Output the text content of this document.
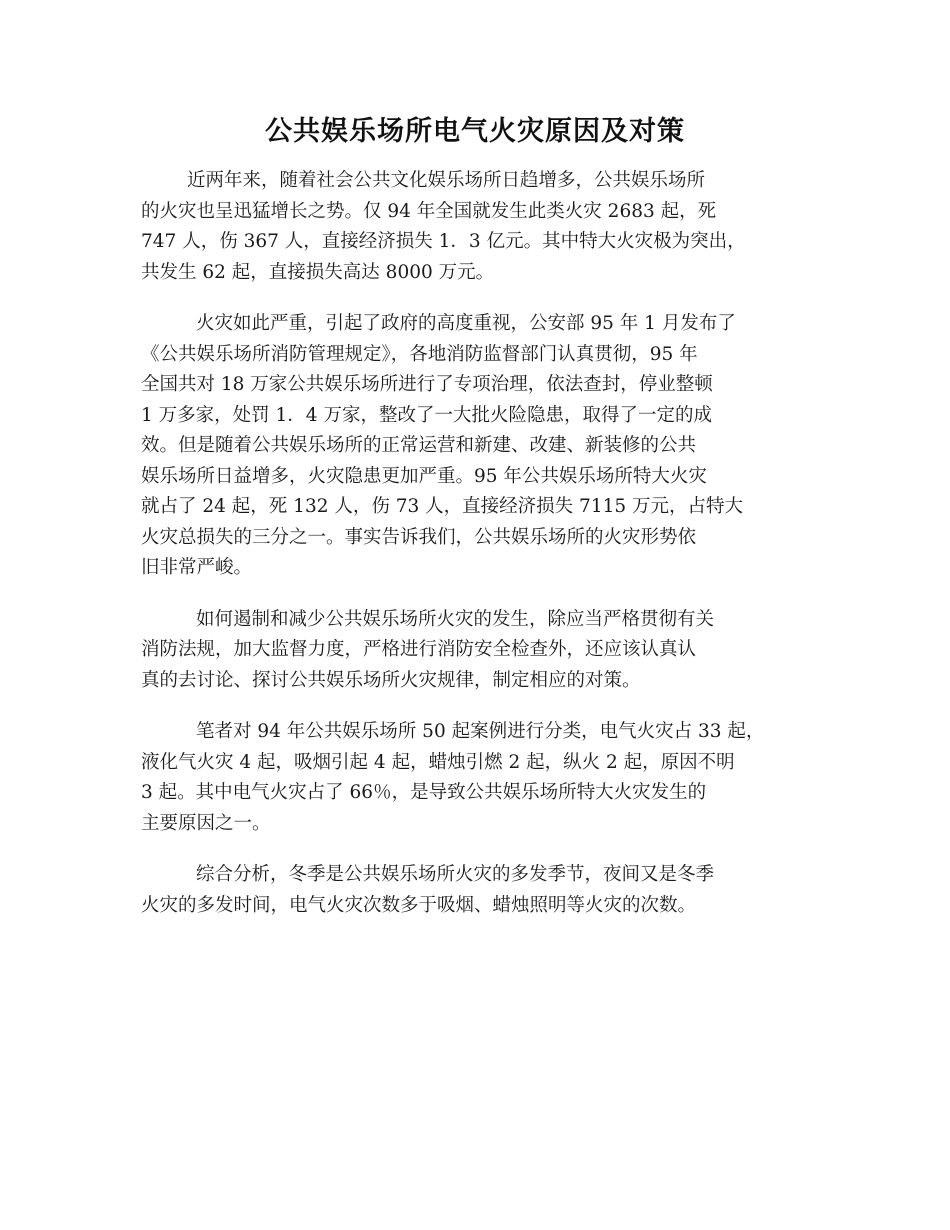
公共娱乐场所电气火灾原因及对策

近两年来，随着社会公共文化娱乐场所日趋增多，公共娱乐场所
的火灾也呈迅猛增长之势。仅 94 年全国就发生此类火灾 2683 起，死
747 人，伤 367 人，直接经济损失 1．3 亿元。其中特大火灾极为突出，
共发生 62 起，直接损失高达 8000 万元。

火灾如此严重，引起了政府的高度重视，公安部 95 年 1 月发布了
《公共娱乐场所消防管理规定》，各地消防监督部门认真贯彻，95 年
全国共对 18 万家公共娱乐场所进行了专项治理，依法查封，停业整顿
1 万多家，处罚 1．4 万家，整改了一大批火险隐患，取得了一定的成
效。但是随着公共娱乐场所的正常运营和新建、改建、新装修的公共
娱乐场所日益增多，火灾隐患更加严重。95 年公共娱乐场所特大火灾
就占了 24 起，死 132 人，伤 73 人，直接经济损失 7115 万元，占特大
火灾总损失的三分之一。事实告诉我们，公共娱乐场所的火灾形势依
旧非常严峻。

如何遏制和减少公共娱乐场所火灾的发生，除应当严格贯彻有关
消防法规，加大监督力度，严格进行消防安全检查外，还应该认真认
真的去讨论、探讨公共娱乐场所火灾规律，制定相应的对策。

笔者对 94 年公共娱乐场所 50 起案例进行分类，电气火灾占 33 起，
液化气火灾 4 起，吸烟引起 4 起，蜡烛引燃 2 起，纵火 2 起，原因不明
3 起。其中电气火灾占了 66％，是导致公共娱乐场所特大火灾发生的
主要原因之一。

综合分析，冬季是公共娱乐场所火灾的多发季节，夜间又是冬季
火灾的多发时间，电气火灾次数多于吸烟、蜡烛照明等火灾的次数。
